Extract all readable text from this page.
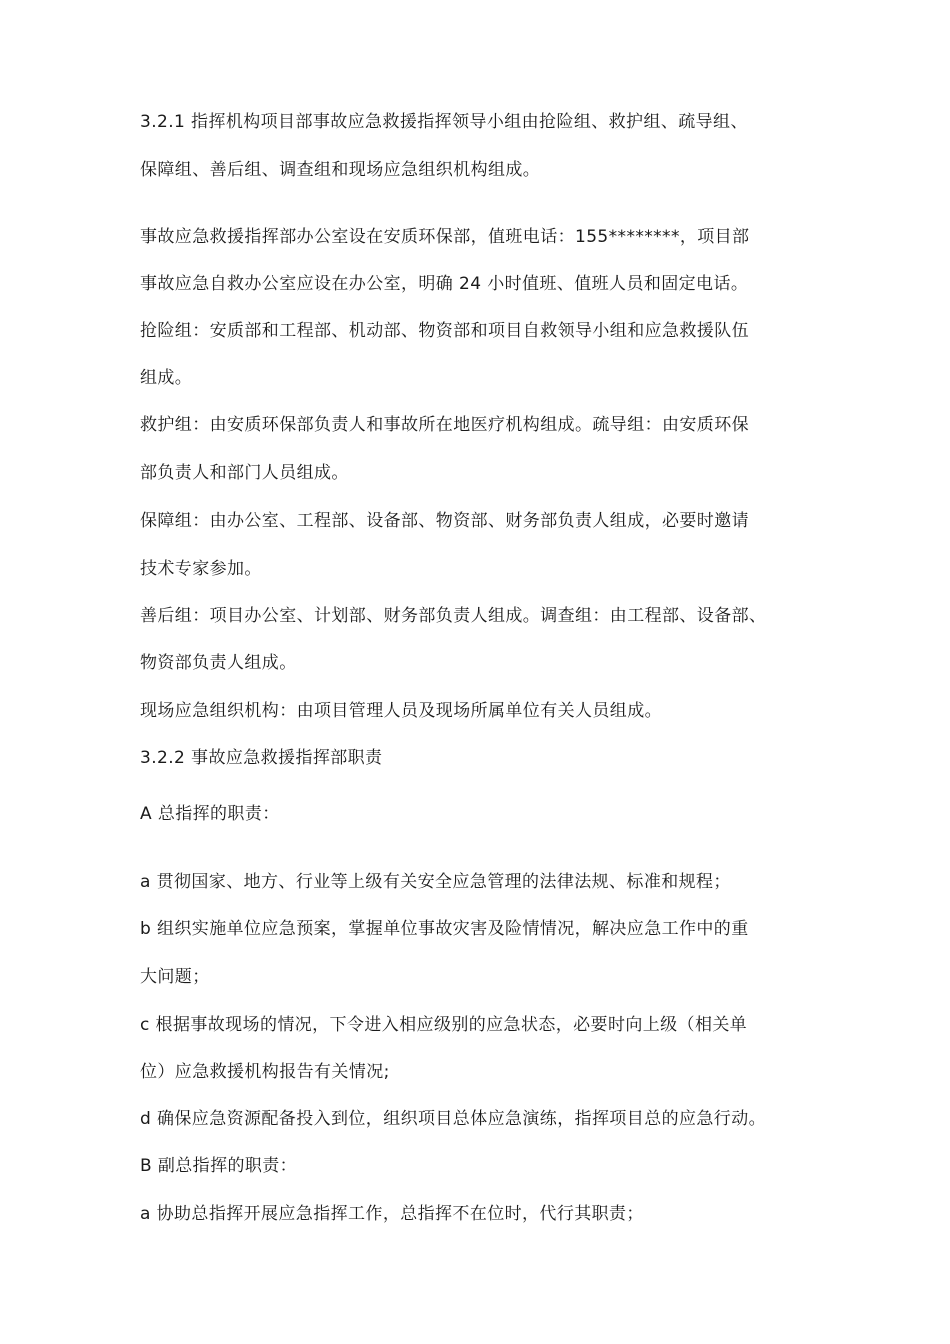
3.2.1 指挥机构项目部事故应急救援指挥领导小组由抢险组、救护组、疏导组、
保障组、善后组、调查组和现场应急组织机构组成。
事故应急救援指挥部办公室设在安质环保部，值班电话：155********，项目部
事故应急自救办公室应设在办公室，明确 24 小时值班、值班人员和固定电话。
抢险组：安质部和工程部、机动部、物资部和项目自救领导小组和应急救援队伍
组成。
救护组：由安质环保部负责人和事故所在地医疗机构组成。疏导组：由安质环保
部负责人和部门人员组成。
保障组：由办公室、工程部、设备部、物资部、财务部负责人组成，必要时邀请
技术专家参加。
善后组：项目办公室、计划部、财务部负责人组成。调查组：由工程部、设备部、
物资部负责人组成。
现场应急组织机构：由项目管理人员及现场所属单位有关人员组成。
3.2.2 事故应急救援指挥部职责
A 总指挥的职责：
a 贯彻国家、地方、行业等上级有关安全应急管理的法律法规、标准和规程；
b 组织实施单位应急预案，掌握单位事故灾害及险情情况，解决应急工作中的重
大问题；
c 根据事故现场的情况，下令进入相应级别的应急状态，必要时向上级（相关单
位）应急救援机构报告有关情况;
d 确保应急资源配备投入到位，组织项目总体应急演练，指挥项目总的应急行动。
B 副总指挥的职责：
a 协助总指挥开展应急指挥工作，总指挥不在位时，代行其职责；
